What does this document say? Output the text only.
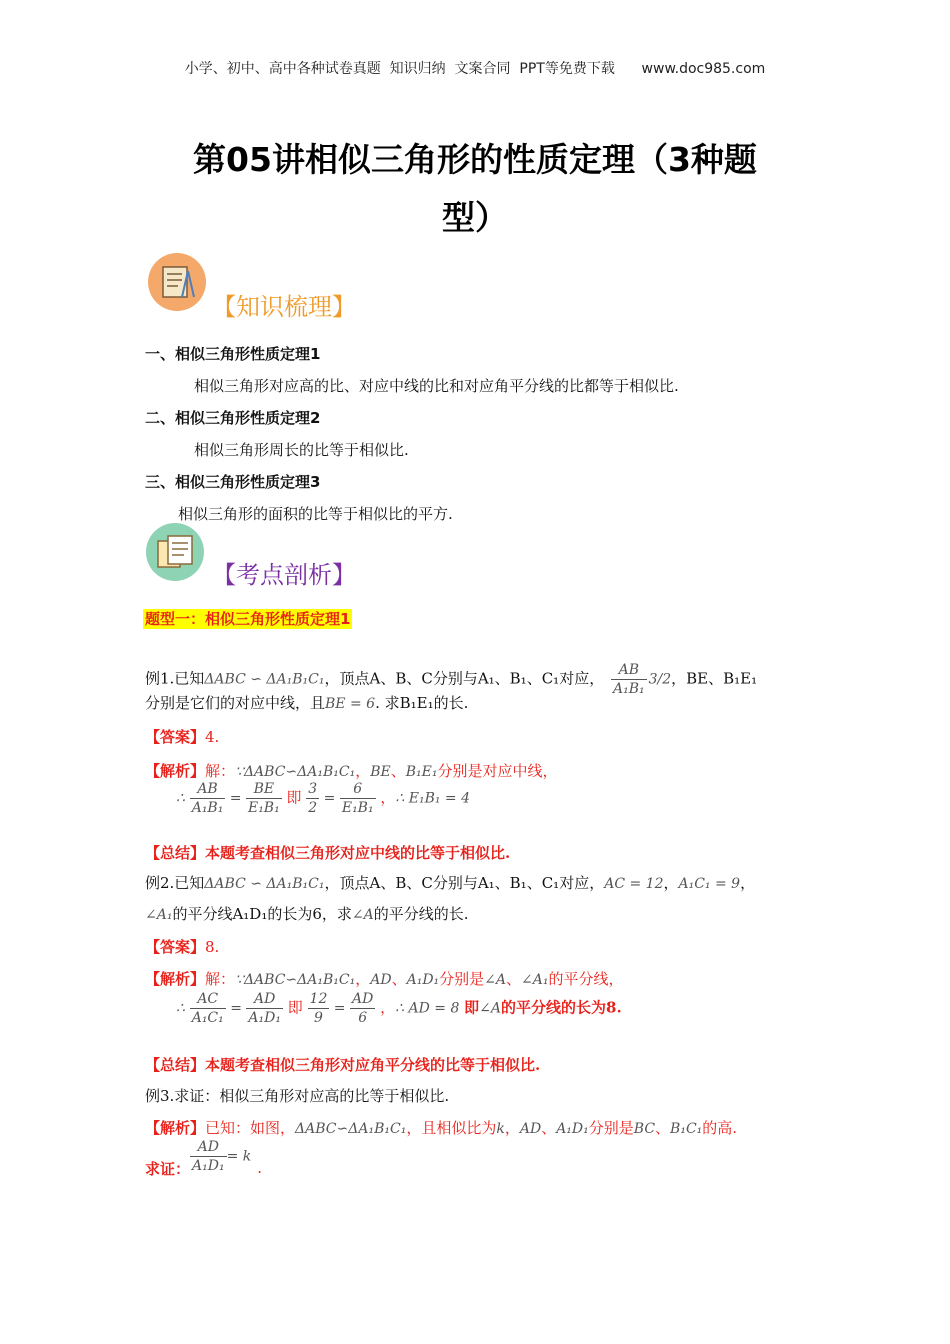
小学、初中、高中各种试卷真题  知识归纳  文案合同  PPT等免费下载 www.doc985.com
第05讲相似三角形的性质定理（3种题
型）
【知识梳理】
一、相似三角形性质定理1
相似三角形对应高的比、对应中线的比和对应角平分线的比都等于相似比.
二、相似三角形性质定理2
相似三角形周长的比等于相似比.
三、相似三角形性质定理3
相似三角形的面积的比等于相似比的平方.
【考点剖析】
题型一：相似三角形性质定理1
例1.已知ΔABC ∽ ΔA₁B₁C₁，顶点A、B、C分别与A₁、B₁、C₁对应， $\frac{AB}{\text{A₁B₁}} 3/2$，BE、B₁E₁
分别是它们的对应中线，且BE = 6. 求B₁E₁的长.
【答案】4.
【解析】解：∵ΔABC∽ΔA₁B₁C₁，BE、B₁E₁分别是对应中线，
∴ $\frac{AB}{\text{A₁B₁}} = \frac{BE}{\text{E₁B₁}}$ 即 $\frac{3}{2} = \frac{6}{\text{E₁B₁}}$ ，∴ E₁B₁ = 4
【总结】本题考查相似三角形对应中线的比等于相似比.
例2.已知ΔABC ∽ ΔA₁B₁C₁，顶点A、B、C分别与A₁、B₁、C₁对应，AC = 12，A₁C₁ = 9，
∠A₁的平分线A₁D₁的长为6，求∠A的平分线的长.
【答案】8.
【解析】解：∵ΔABC∽ΔA₁B₁C₁，AD、A₁D₁分别是∠A、∠A₁的平分线，
∴ $\frac{AC}{\text{A₁C₁}} = \frac{AD}{\text{A₁D₁}}$ 即 $\frac{12}{9} = \frac{AD}{6}$ ，∴ AD = 8 即∠A的平分线的长为8.
【总结】本题考查相似三角形对应角平分线的比等于相似比.
例3.求证：相似三角形对应高的比等于相似比.
【解析】已知：如图，ΔABC∽ΔA₁B₁C₁，且相似比为k，AD、A₁D₁分别是BC、B₁C₁的高.
求证： $\frac{AD}{\text{A₁D₁}} = k$.
